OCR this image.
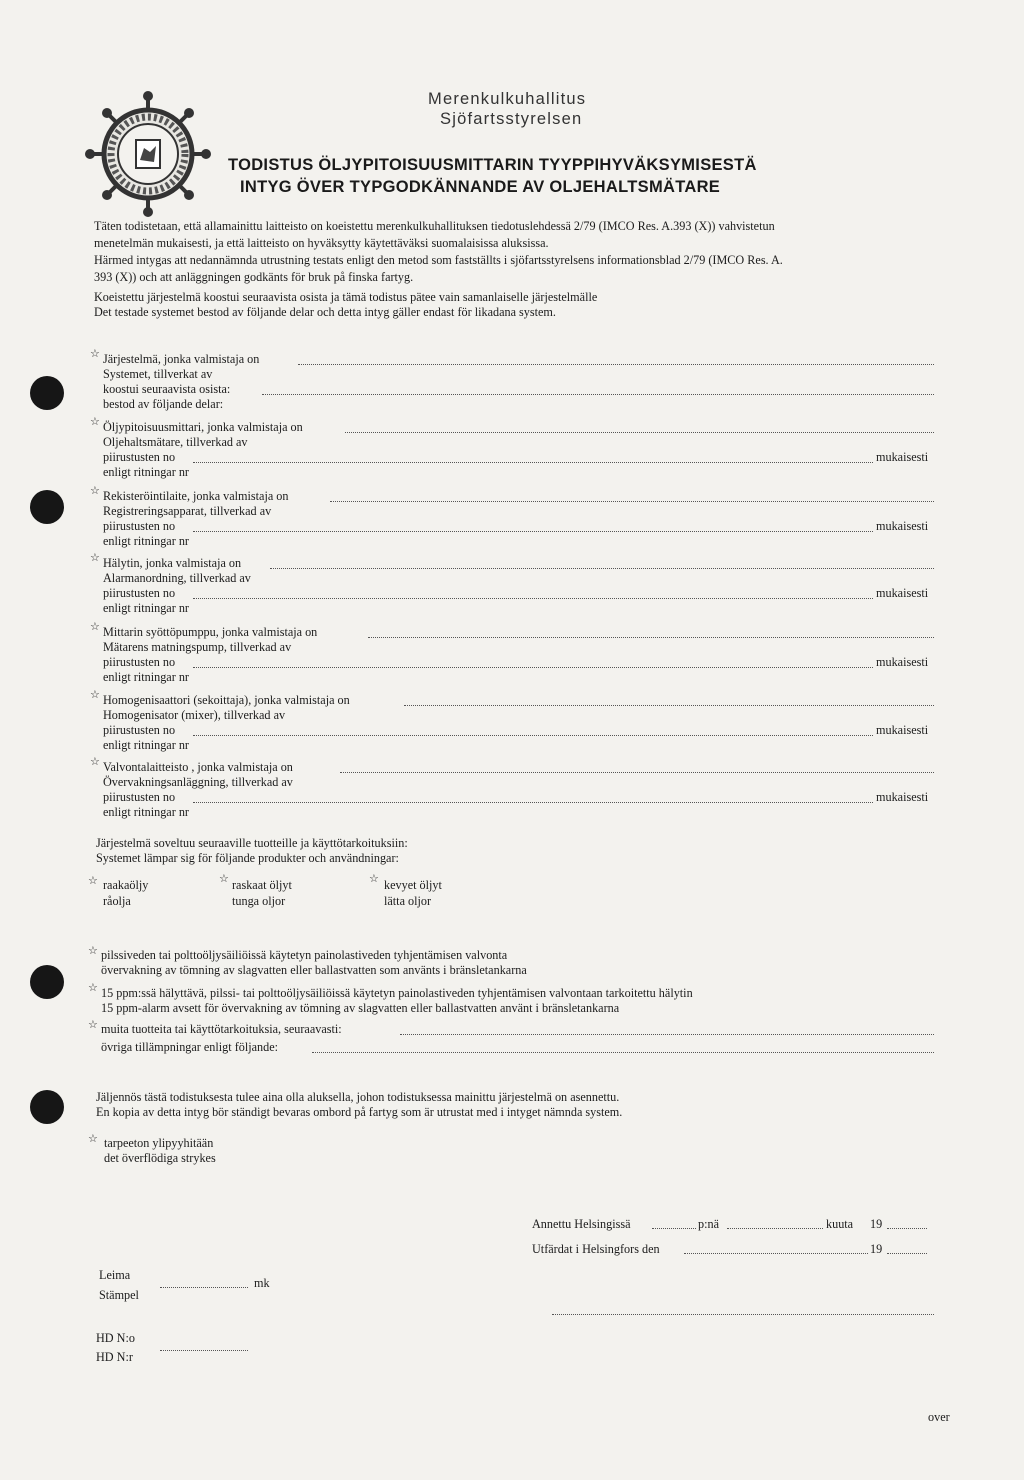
Merenkulkuhallitus
Sjöfartsstyrelsen
TODISTUS ÖLJYPITOISUUSMITTARIN TYYPPIHYVÄKSYMISESTÄ
INTYG ÖVER TYPGODKÄNNANDE AV OLJEHALTSMÄTARE
Täten todistetaan, että allamainittu laitteisto on koeistettu merenkulkuhallituksen tiedotuslehdessä 2/79 (IMCO Res. A.393 (X)) vahvistetun
menetelmän mukaisesti, ja että laitteisto on hyväksytty käytettäväksi suomalaisissa aluksissa.
Härmed intygas att nedannämnda utrustning testats enligt den metod som fastställts i sjöfartsstyrelsens informationsblad 2/79 (IMCO Res. A.
393 (X)) och att anläggningen godkänts för bruk på finska fartyg.
Koeistettu järjestelmä koostui seuraavista osista ja tämä todistus pätee vain samanlaiselle järjestelmälle
Det testade systemet bestod av följande delar och detta intyg gäller endast för likadana system.
☆ Järjestelmä, jonka valmistaja on
Systemet, tillverkat av
koostui seuraavista osista:
bestod av följande delar:
☆ Öljypitoisuusmittari, jonka valmistaja on
Oljehaltsmätare, tillverkad av
piirustusten no	mukaisesti
enligt ritningar nr
☆ Rekisteröintilaite, jonka valmistaja on
Registreringsapparat, tillverkad av
piirustusten no	mukaisesti
enligt ritningar nr
☆ Hälytin, jonka valmistaja on
Alarmanordning, tillverkad av
piirustusten no	mukaisesti
enligt ritningar nr
☆ Mittarin syöttöpumppu, jonka valmistaja on
Mätarens matningspump, tillverkad av
piirustusten no	mukaisesti
enligt ritningar nr
☆ Homogenisaattori (sekoittaja), jonka valmistaja on
Homogenisator (mixer), tillverkad av
piirustusten no	mukaisesti
enligt ritningar nr
☆ Valvontalaitteisto , jonka valmistaja on
Övervakningsanläggning, tillverkad av
piirustusten no	mukaisesti
enligt ritningar nr
Järjestelmä soveltuu seuraaville tuotteille ja käyttötarkoituksiin:
Systemet lämpar sig för följande produkter och användningar:
☆ raakaöljy
råolja
☆ raskaat öljyt
tunga oljor
☆ kevyet öljyt
lätta oljor
☆ pilssiveden tai polttoöljysäiliöissä käytetyn painolastiveden tyhjentämisen valvonta
övervakning av tömning av slagvatten eller ballastvatten som använts i bränsletankarna
☆ 15 ppm:ssä hälyttävä, pilssi- tai polttoöljysäiliöissä käytetyn painolastiveden tyhjentämisen valvontaan tarkoitettu hälytin
15 ppm-alarm avsett för övervakning av tömning av slagvatten eller ballastvatten använt i bränsletankarna
☆ muita tuotteita tai käyttötarkoituksia, seuraavasti:
övriga tillämpningar enligt följande:
Jäljennös tästä todistuksesta tulee aina olla aluksella, johon todistuksessa mainittu järjestelmä on asennettu.
En kopia av detta intyg bör ständigt bevaras ombord på fartyg som är utrustat med i intyget nämnda system.
☆ tarpeeton ylipyyhitään
det överflödiga strykes
Annettu Helsingissä	p:nä	kuuta 19
Utfärdat i Helsingfors den	19
Leima
mk
Stämpel
HD N:o
HD N:r
over
